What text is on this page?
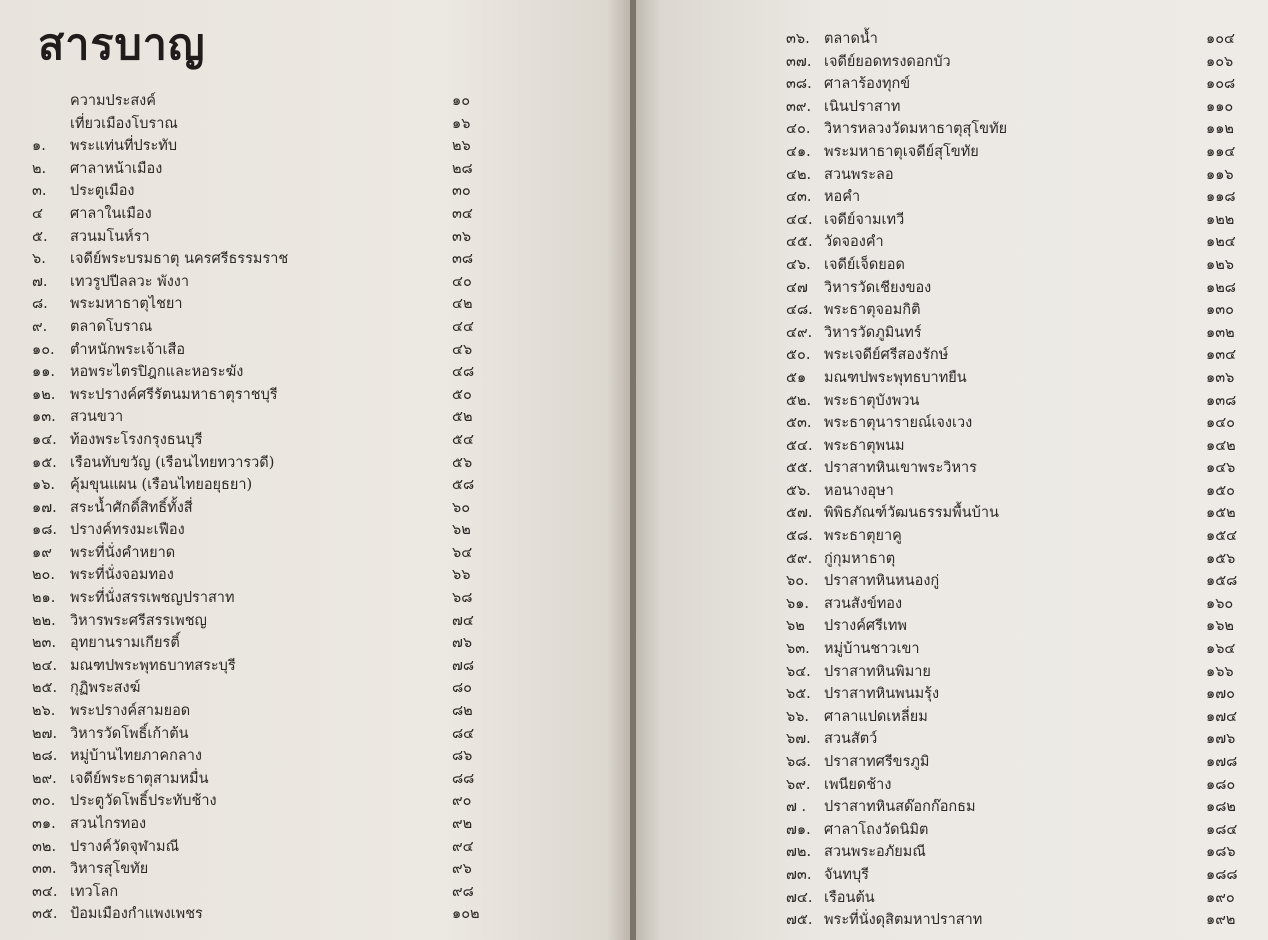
สารบาญ
ความประสงค์	๑๐
เที่ยวเมืองโบราณ	๑๖
๑. พระแท่นที่ประทับ	๒๖
๒. ศาลาหน้าเมือง	๒๘
๓. ประตูเมือง	๓๐
๔ ศาลาในเมือง	๓๔
๕. สวนมโนห์รา	๓๖
๖. เจดีย์พระบรมธาตุ นครศรีธรรมราช	๓๘
๗. เทวรูปปีลลวะ พังงา	๔๐
๘. พระมหาธาตุไชยา	๔๒
๙. ตลาดโบราณ	๔๔
๑๐. ตำหนักพระเจ้าเสือ	๔๖
๑๑. หอพระไตรปิฎกและหอระฆัง	๔๘
๑๒. พระปรางค์ศรีรัตนมหาธาตุราชบุรี	๕๐
๑๓. สวนขวา	๕๒
๑๔. ท้องพระโรงกรุงธนบุรี	๕๔
๑๕. เรือนทับขวัญ (เรือนไทยทวารวดี)	๕๖
๑๖. คุ้มขุนแผน (เรือนไทยอยุธยา)	๕๘
๑๗. สระน้ำศักดิ์สิทธิ์ทั้งสี่	๖๐
๑๘. ปรางค์ทรงมะเฟือง	๖๒
๑๙ พระที่นั่งคำหยาด	๖๔
๒๐. พระที่นั่งจอมทอง	๖๖
๒๑. พระที่นั่งสรรเพชญปราสาท	๖๘
๒๒. วิหารพระศรีสรรเพชญ	๗๔
๒๓. อุทยานรามเกียรติ์	๗๖
๒๔. มณฑปพระพุทธบาทสระบุรี	๗๘
๒๕. กุฏิพระสงฆ์	๘๐
๒๖. พระปรางค์สามยอด	๘๒
๒๗. วิหารวัดโพธิ์เก้าต้น	๘๔
๒๘. หมู่บ้านไทยภาคกลาง	๘๖
๒๙. เจดีย์พระธาตุสามหมื่น	๘๘
๓๐. ประตูวัดโพธิ์ประทับช้าง	๙๐
๓๑. สวนไกรทอง	๙๒
๓๒. ปรางค์วัดจุฬามณี	๙๔
๓๓. วิหารสุโขทัย	๙๖
๓๔. เทวโลก	๙๘
๓๕. ป้อมเมืองกำแพงเพชร	๑๐๒
๓๖. ตลาดน้ำ	๑๐๔
๓๗. เจดีย์ยอดทรงดอกบัว	๑๐๖
๓๘. ศาลาร้องทุกข์	๑๐๘
๓๙. เนินปราสาท	๑๑๐
๔๐. วิหารหลวงวัดมหาธาตุสุโขทัย	๑๑๒
๔๑. พระมหาธาตุเจดีย์สุโขทัย	๑๑๔
๔๒. สวนพระลอ	๑๑๖
๔๓. หอคำ	๑๑๘
๔๔. เจดีย์จามเทวี	๑๒๒
๔๕. วัดจองคำ	๑๒๔
๔๖. เจดีย์เจ็ดยอด	๑๒๖
๔๗ วิหารวัดเชียงของ	๑๒๘
๔๘. พระธาตุจอมกิติ	๑๓๐
๔๙. วิหารวัดภูมินทร์	๑๓๒
๕๐. พระเจดีย์ศรีสองรักษ์	๑๓๔
๕๑ มณฑปพระพุทธบาทยืน	๑๓๖
๕๒. พระธาตุบังพวน	๑๓๘
๕๓. พระธาตุนารายณ์เจงเวง	๑๔๐
๕๔. พระธาตุพนม	๑๔๒
๕๕. ปราสาทหินเขาพระวิหาร	๑๔๖
๕๖. หอนางอุษา	๑๕๐
๕๗. พิพิธภัณฑ์วัฒนธรรมพื้นบ้าน	๑๕๒
๕๘. พระธาตุยาคู	๑๕๔
๕๙. กู่กุมหาธาตุ	๑๕๖
๖๐. ปราสาทหินหนองกู่	๑๕๘
๖๑. สวนสังข์ทอง	๑๖๐
๖๒ ปรางค์ศรีเทพ	๑๖๒
๖๓. หมู่บ้านชาวเขา	๑๖๔
๖๔. ปราสาทหินพิมาย	๑๖๖
๖๕. ปราสาทหินพนมรุ้ง	๑๗๐
๖๖. ศาลาแปดเหลี่ยม	๑๗๔
๖๗. สวนสัตว์	๑๗๖
๖๘. ปราสาทศรีขรภูมิ	๑๗๘
๖๙. เพนียดช้าง	๑๘๐
๗ . ปราสาทหินสด๊อกก๊อกธม	๑๘๒
๗๑. ศาลาโถงวัดนิมิต	๑๘๔
๗๒. สวนพระอภัยมณี	๑๘๖
๗๓. จันทบุรี	๑๘๘
๗๔. เรือนต้น	๑๙๐
๗๕. พระที่นั่งดุสิตมหาปราสาท	๑๙๒
